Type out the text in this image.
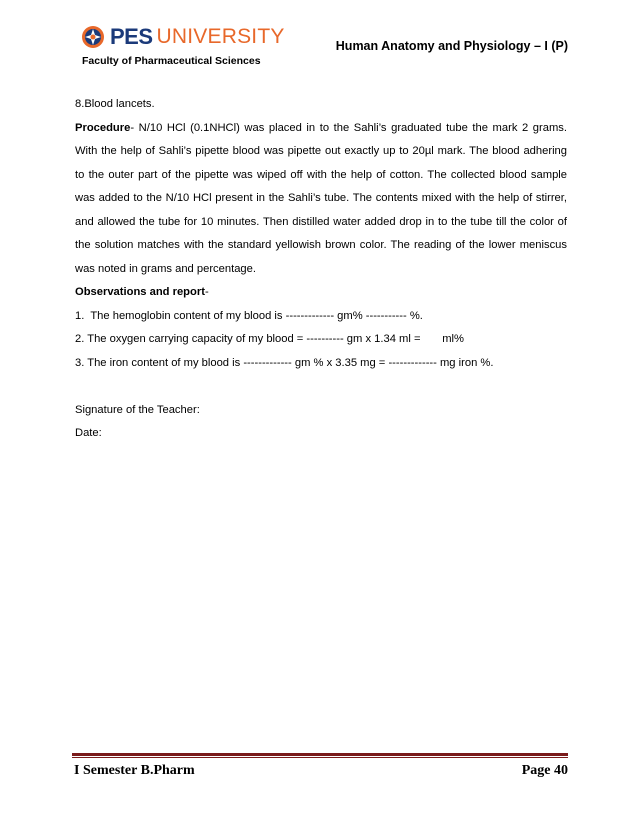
PES UNIVERSITY
Faculty of Pharmaceutical Sciences
Human Anatomy and Physiology – I (P)

8.Blood lancets.

Procedure- N/10 HCl (0.1NHCl) was placed in to the Sahli’s graduated tube the mark 2 grams. With the help of Sahli’s pipette blood was pipette out exactly up to 20µl mark. The blood adhering to the outer part of the pipette was wiped off with the help of cotton. The collected blood sample was added to the N/10 HCl present in the Sahli’s tube. The contents mixed with the help of stirrer, and allowed the tube for 10 minutes. Then distilled water added drop in to the tube till the color of the solution matches with the standard yellowish brown color. The reading of the lower meniscus was noted in grams and percentage.

Observations and report-

1.  The hemoglobin content of my blood is ------------- gm% ----------- %.

2. The oxygen carrying capacity of my blood = ---------- gm x 1.34 ml =       ml%

3. The iron content of my blood is ------------- gm % x 3.35 mg = ------------- mg iron %.

Signature of the Teacher:

Date:

I Semester B.Pharm	Page 40
